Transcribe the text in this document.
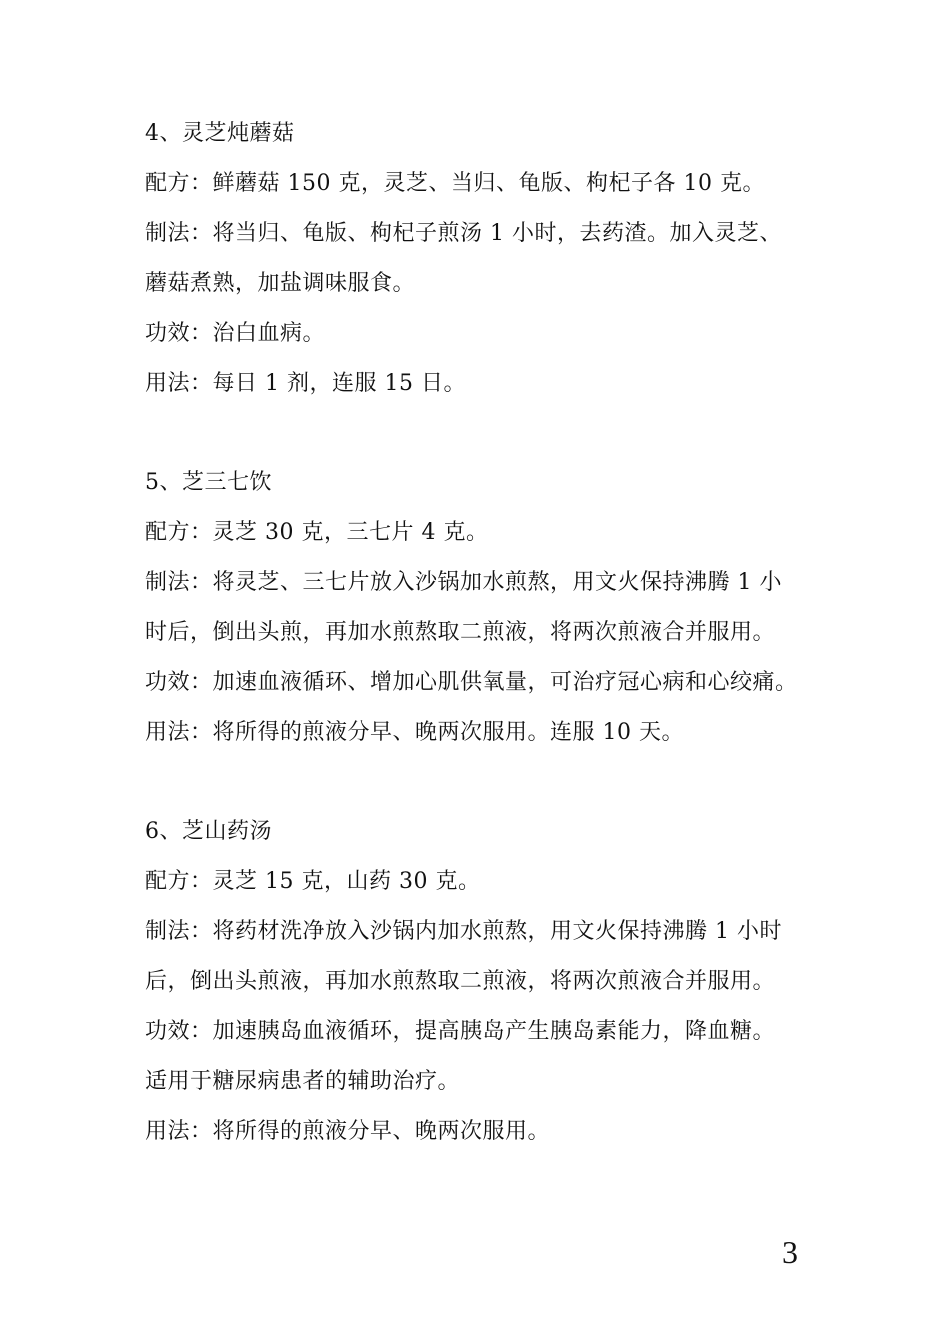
4、灵芝炖蘑菇
配方：鲜蘑菇 150 克，灵芝、当归、龟版、枸杞子各 10 克。
制法：将当归、龟版、枸杞子煎汤 1 小时，去药渣。加入灵芝、
蘑菇煮熟，加盐调味服食。
功效：治白血病。
用法：每日 1 剂，连服 15 日。
5、芝三七饮
配方：灵芝 30 克，三七片 4 克。
制法：将灵芝、三七片放入沙锅加水煎熬，用文火保持沸腾 1 小
时后，倒出头煎，再加水煎熬取二煎液，将两次煎液合并服用。
功效：加速血液循环、增加心肌供氧量，可治疗冠心病和心绞痛。
用法：将所得的煎液分早、晚两次服用。连服 10 天。
6、芝山药汤
配方：灵芝 15 克，山药 30 克。
制法：将药材洗净放入沙锅内加水煎熬，用文火保持沸腾 1 小时
后，倒出头煎液，再加水煎熬取二煎液，将两次煎液合并服用。
功效：加速胰岛血液循环，提高胰岛产生胰岛素能力，降血糖。
适用于糖尿病患者的辅助治疗。
用法：将所得的煎液分早、晚两次服用。
3
